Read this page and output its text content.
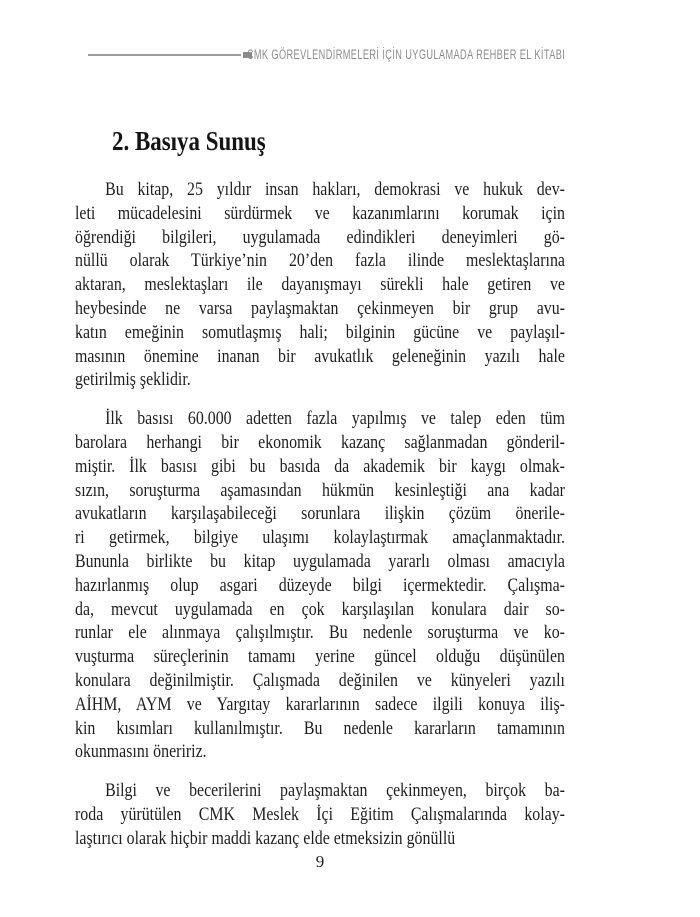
CMK GÖREVLENDİRMELERİ İÇİN UYGULAMADA REHBER EL KİTABI
2. Basıya Sunuş
Bu kitap, 25 yıldır insan hakları, demokrasi ve hukuk dev-
leti mücadelesini sürdürmek ve kazanımlarını korumak için
öğrendiği bilgileri, uygulamada edindikleri deneyimleri gö-
nüllü olarak Türkiye’nin 20’den fazla ilinde meslektaşlarına
aktaran, meslektaşları ile dayanışmayı sürekli hale getiren ve
heybesinde ne varsa paylaşmaktan çekinmeyen bir grup avu-
katın emeğinin somutlaşmış hali; bilginin gücüne ve paylaşıl-
masının önemine inanan bir avukatlık geleneğinin yazılı hale
getirilmiş şeklidir.
İlk basısı 60.000 adetten fazla yapılmış ve talep eden tüm
barolara herhangi bir ekonomik kazanç sağlanmadan gönderil-
miştir. İlk basısı gibi bu basıda da akademik bir kaygı olmak-
sızın, soruşturma aşamasından hükmün kesinleştiği ana kadar
avukatların karşılaşabileceği sorunlara ilişkin çözüm önerile-
ri getirmek, bilgiye ulaşımı kolaylaştırmak amaçlanmaktadır.
Bununla birlikte bu kitap uygulamada yararlı olması amacıyla
hazırlanmış olup asgari düzeyde bilgi içermektedir. Çalışma-
da, mevcut uygulamada en çok karşılaşılan konulara dair so-
runlar ele alınmaya çalışılmıştır. Bu nedenle soruşturma ve ko-
vuşturma süreçlerinin tamamı yerine güncel olduğu düşünülen
konulara değinilmiştir. Çalışmada değinilen ve künyeleri yazılı
AİHM, AYM ve Yargıtay kararlarının sadece ilgili konuya iliş-
kin kısımları kullanılmıştır. Bu nedenle kararların tamamının
okunmasını öneririz.
Bilgi ve becerilerini paylaşmaktan çekinmeyen, birçok ba-
roda yürütülen CMK Meslek İçi Eğitim Çalışmalarında kolay-
laştırıcı olarak hiçbir maddi kazanç elde etmeksizin gönüllü
9
